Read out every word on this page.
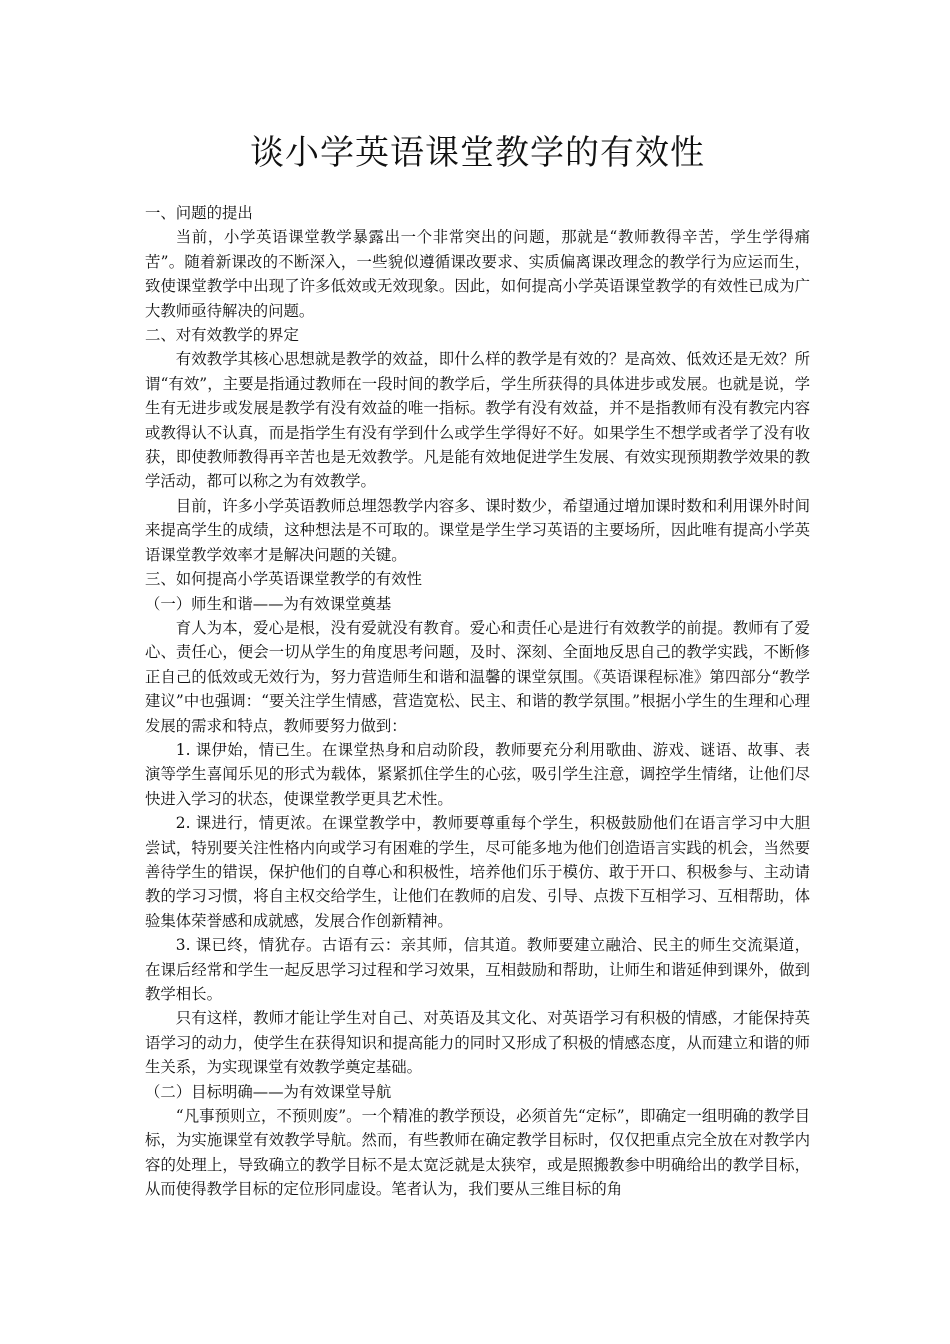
谈小学英语课堂教学的有效性

一、问题的提出

当前，小学英语课堂教学暴露出一个非常突出的问题，那就是“教师教得辛苦，学生学得痛苦”。随着新课改的不断深入，一些貌似遵循课改要求、实质偏离课改理念的教学行为应运而生，致使课堂教学中出现了许多低效或无效现象。因此，如何提高小学英语课堂教学的有效性已成为广大教师亟待解决的问题。

二、对有效教学的界定

有效教学其核心思想就是教学的效益，即什么样的教学是有效的？是高效、低效还是无效？所谓“有效”，主要是指通过教师在一段时间的教学后，学生所获得的具体进步或发展。也就是说，学生有无进步或发展是教学有没有效益的唯一指标。教学有没有效益，并不是指教师有没有教完内容或教得认不认真，而是指学生有没有学到什么或学生学得好不好。如果学生不想学或者学了没有收获，即使教师教得再辛苦也是无效教学。凡是能有效地促进学生发展、有效实现预期教学效果的教学活动，都可以称之为有效教学。

目前，许多小学英语教师总埋怨教学内容多、课时数少，希望通过增加课时数和利用课外时间来提高学生的成绩，这种想法是不可取的。课堂是学生学习英语的主要场所，因此唯有提高小学英语课堂教学效率才是解决问题的关键。

三、如何提高小学英语课堂教学的有效性

（一）师生和谐——为有效课堂奠基

育人为本，爱心是根，没有爱就没有教育。爱心和责任心是进行有效教学的前提。教师有了爱心、责任心，便会一切从学生的角度思考问题，及时、深刻、全面地反思自己的教学实践，不断修正自己的低效或无效行为，努力营造师生和谐和温馨的课堂氛围。《英语课程标准》第四部分“教学建议”中也强调：“要关注学生情感，营造宽松、民主、和谐的教学氛围。”根据小学生的生理和心理发展的需求和特点，教师要努力做到：

1. 课伊始，情已生。在课堂热身和启动阶段，教师要充分利用歌曲、游戏、谜语、故事、表演等学生喜闻乐见的形式为载体，紧紧抓住学生的心弦，吸引学生注意，调控学生情绪，让他们尽快进入学习的状态，使课堂教学更具艺术性。

2. 课进行，情更浓。在课堂教学中，教师要尊重每个学生，积极鼓励他们在语言学习中大胆尝试，特别要关注性格内向或学习有困难的学生，尽可能多地为他们创造语言实践的机会，当然要善待学生的错误，保护他们的自尊心和积极性，培养他们乐于模仿、敢于开口、积极参与、主动请教的学习习惯，将自主权交给学生，让他们在教师的启发、引导、点拨下互相学习、互相帮助，体验集体荣誉感和成就感，发展合作创新精神。

3. 课已终，情犹存。古语有云：亲其师，信其道。教师要建立融洽、民主的师生交流渠道，在课后经常和学生一起反思学习过程和学习效果，互相鼓励和帮助，让师生和谐延伸到课外，做到教学相长。

只有这样，教师才能让学生对自己、对英语及其文化、对英语学习有积极的情感，才能保持英语学习的动力，使学生在获得知识和提高能力的同时又形成了积极的情感态度，从而建立和谐的师生关系，为实现课堂有效教学奠定基础。

（二）目标明确——为有效课堂导航

“凡事预则立，不预则废”。一个精准的教学预设，必须首先“定标”，即确定一组明确的教学目标，为实施课堂有效教学导航。然而，有些教师在确定教学目标时，仅仅把重点完全放在对教学内容的处理上，导致确立的教学目标不是太宽泛就是太狭窄，或是照搬教参中明确给出的教学目标，从而使得教学目标的定位形同虚设。笔者认为，我们要从三维目标的角
